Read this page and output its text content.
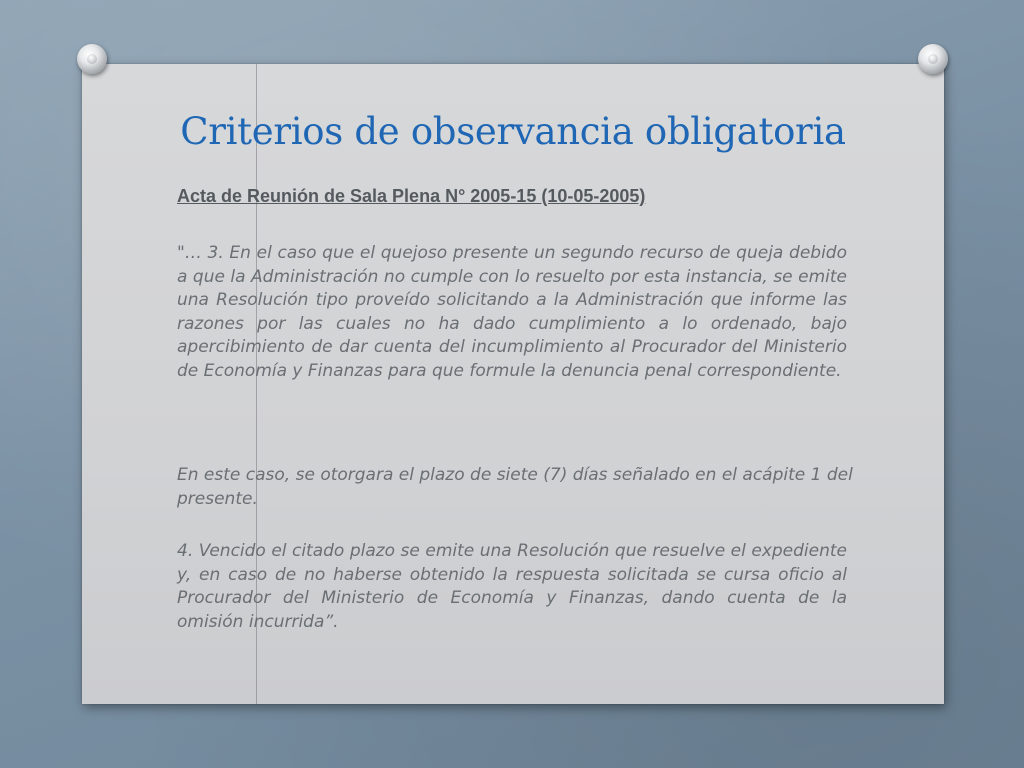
Criterios de observancia obligatoria
Acta de Reunión de Sala Plena N° 2005-15 (10-05-2005)

"… 3. En el caso que el quejoso presente un segundo recurso de queja debido a que la Administración no cumple con lo resuelto por esta instancia, se emite una Resolución tipo proveído solicitando a la Administración que informe las razones por las cuales no ha dado cumplimiento a lo ordenado, bajo apercibimiento de dar cuenta del incumplimiento al Procurador del Ministerio de Economía y Finanzas para que formule la denuncia penal correspondiente.

En este caso, se otorgara el plazo de siete (7) días señalado en el acápite 1 del presente.

4. Vencido el citado plazo se emite una Resolución que resuelve el expediente y, en caso de no haberse obtenido la respuesta solicitada se cursa oficio al Procurador del Ministerio de Economía y Finanzas, dando cuenta de la omisión incurrida”.
